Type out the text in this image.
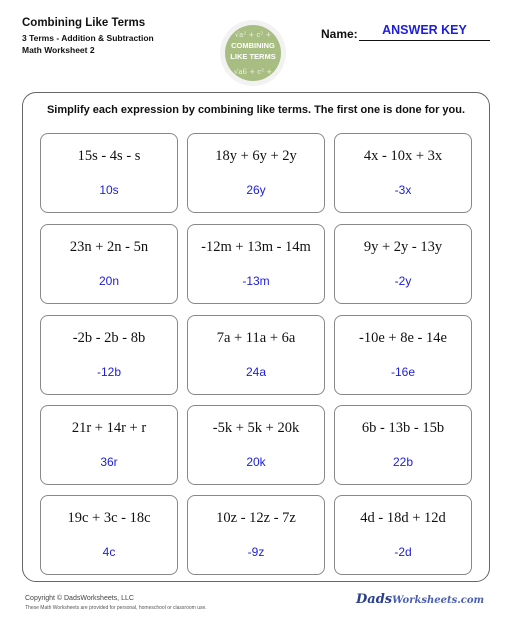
Combining Like Terms
3 Terms - Addition & Subtraction
Math Worksheet 2
√a² + c² +
COMBINING
LIKE TERMS
√a6 + c² +
Name:	ANSWER KEY
Simplify each expression by combining like terms. The first one is done for you.
15s - 4s - s
10s
18y + 6y + 2y
26y
4x - 10x + 3x
-3x
23n + 2n - 5n
20n
-12m + 13m - 14m
-13m
9y + 2y - 13y
-2y
-2b - 2b - 8b
-12b
7a + 11a + 6a
24a
-10e + 8e - 14e
-16e
21r + 14r + r
36r
-5k + 5k + 20k
20k
6b - 13b - 15b
22b
19c + 3c - 18c
4c
10z - 12z - 7z
-9z
4d - 18d + 12d
-2d
Copyright © DadsWorksheets, LLC
These Math Worksheets are provided for personal, homeschool or classroom use.
DadsWorksheets.com
